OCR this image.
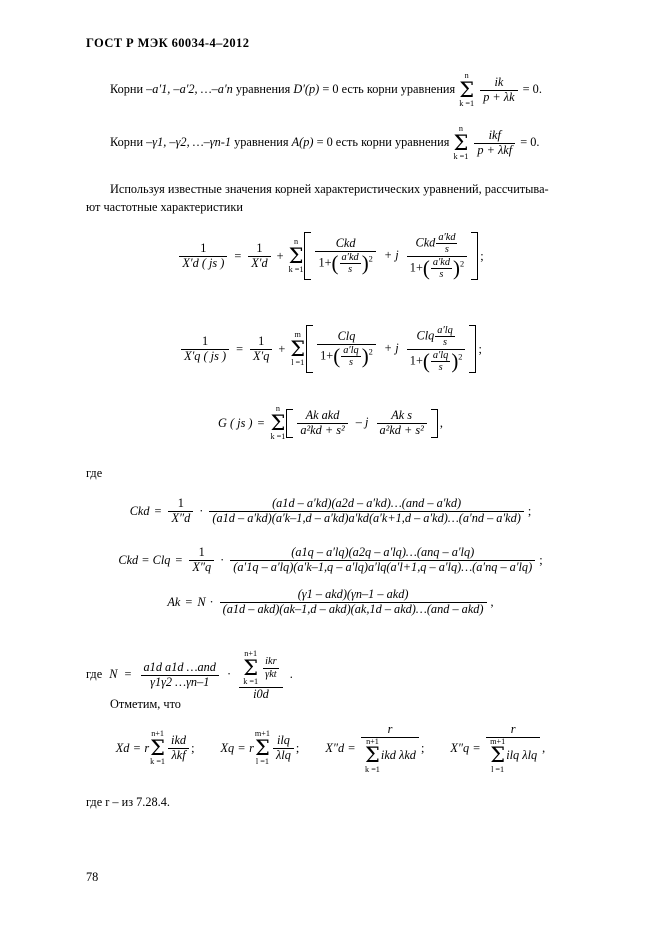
ГОСТ Р МЭК 60034-4–2012
Корни –a′1, –a′2, …–a′n уравнения D′(p) = 0 есть корни уравнения
n
Σ
k =1
$\frac{ik}{p + \lambda k} = 0$.
Корни –γ1, –γ2, …–γn-1 уравнения A(p) = 0 есть корни уравнения
n
Σ
k =1
$\frac{\text{ikf}}{\text{p + λkf}} = 0$.
Используя известные значения корней характеристических уравнений, рассчитыва-
ют частотные характеристики
$\frac{1}{X'd ( js )} = \frac{1}{X'd}$ +
n
Σ
$k =1 \frac{\text{Ckd}}{1+( \frac{a'kd}{s} )^2} + j \frac{Ckd \frac{a'kd}{s}}{1+( \frac{a'kd}{s} )^2}$ ;
$\frac{1}{X'q ( js )} = \frac{1}{X'q}$ +
m
Σ
$l =1 \frac{\text{Clq}}{1+( \frac{a'lq}{s} )^2} + j \frac{Clq \frac{a'lq}{s}}{1+( \frac{a'lq}{s} )^2}$ ;
G ( js ) =
n
Σ
$k =1 \frac{\text{Ak akd}}{\text{a²kd + s²}} - j \frac{\text{Ak s}}{\text{a²kd + s²}}$ ,
где
Ckd = $\frac{1}{X''d}$ ·
(a1d – a′kd)(a2d – a′kd)…(and – a′kd)
(a1d – a′kd)(a′k–1,d – a′kd)a′kd(a′k+1,d – a′kd)…(a′nd – a′kd) ;
Ckd = Clq = $\frac{1}{X''q}$ ·
(a1q – a′lq)(a2q – a′lq)…(anq – a′lq)
(a′1q – a′lq)(a′k–1,q – a′lq)a′lq(a′l+1,q – a′lq)…(a′nq – a′lq) ;
$Ak = N \cdot \frac{\text{(γ1 – akd)(γn–1 – akd)}}{\text{(a1d – akd)(ak–1,d – akd)(ak,1d – akd)…(and – akd)}}$ ,
где $N = \frac{\text{a1d a1d …and}}{\gamma 1\gamma 2 \dots\gamma n-1}$ ·
n+1
Σ
k =1

$\frac{\text{ikr}}{\text{γkt}}$
i0d
.
Отметим, что
Xd = r
n+1
Σ
$k =1 \frac{\text{ikd}}{\text{λkf}}$ ; Xq = r
m+1
Σ
$l =1 \frac{\text{ilq}}{\text{λlq}}$ ; X″d = r
n+1
Σ
k =1
ikd λkd ; X″q = r
m+1
Σ
l =1
ilq λlq ,
где r – из 7.28.4.
78
